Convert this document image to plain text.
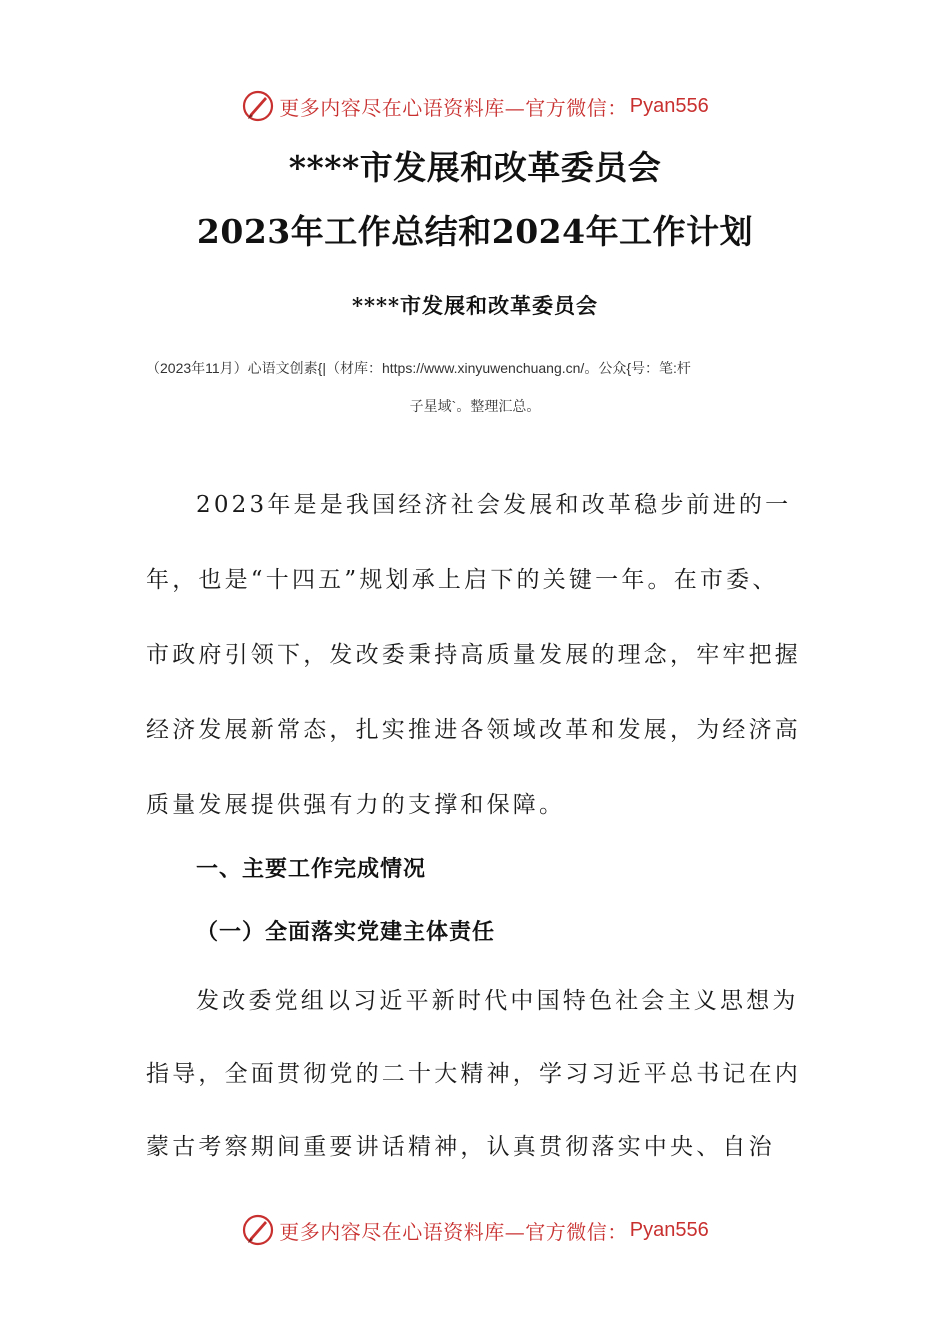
更多内容尽在心语资料库—官方微信： Pyan556
****市发展和改革委员会
2023年工作总结和2024年工作计划
****市发展和改革委员会
（2023年11月）心语文创素{|（材库：https://www.xinyuwenchuang.cn/。公众{号：笔:杆
子星域`。整理汇总。
2023年是是我国经济社会发展和改革稳步前进的一
年，也是“十四五”规划承上启下的关键一年。在市委、
市政府引领下，发改委秉持高质量发展的理念，牢牢把握
经济发展新常态，扎实推进各领域改革和发展，为经济高
质量发展提供强有力的支撑和保障。
一、主要工作完成情况
（一）全面落实党建主体责任
发改委党组以习近平新时代中国特色社会主义思想为
指导，全面贯彻党的二十大精神，学习习近平总书记在内
蒙古考察期间重要讲话精神，认真贯彻落实中央、自治
更多内容尽在心语资料库—官方微信： Pyan556
